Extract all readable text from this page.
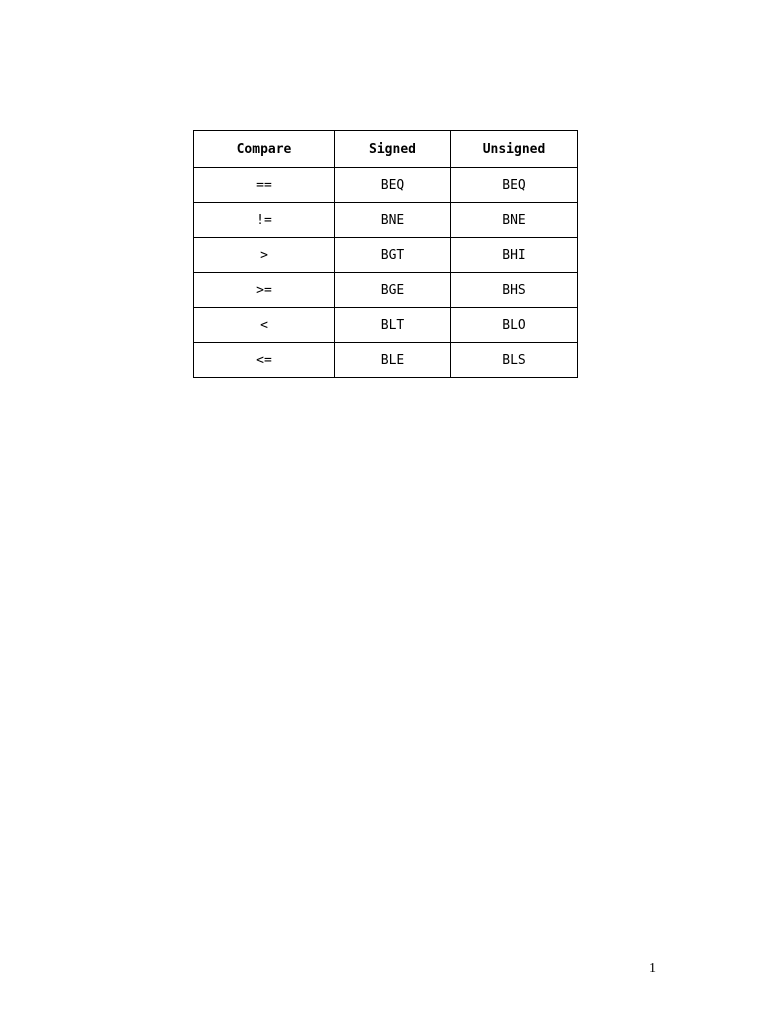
Compare	Signed	Unsigned
==	BEQ	BEQ
!=	BNE	BNE
>	BGT	BHI
>=	BGE	BHS
<	BLT	BLO
<=	BLE	BLS
1
